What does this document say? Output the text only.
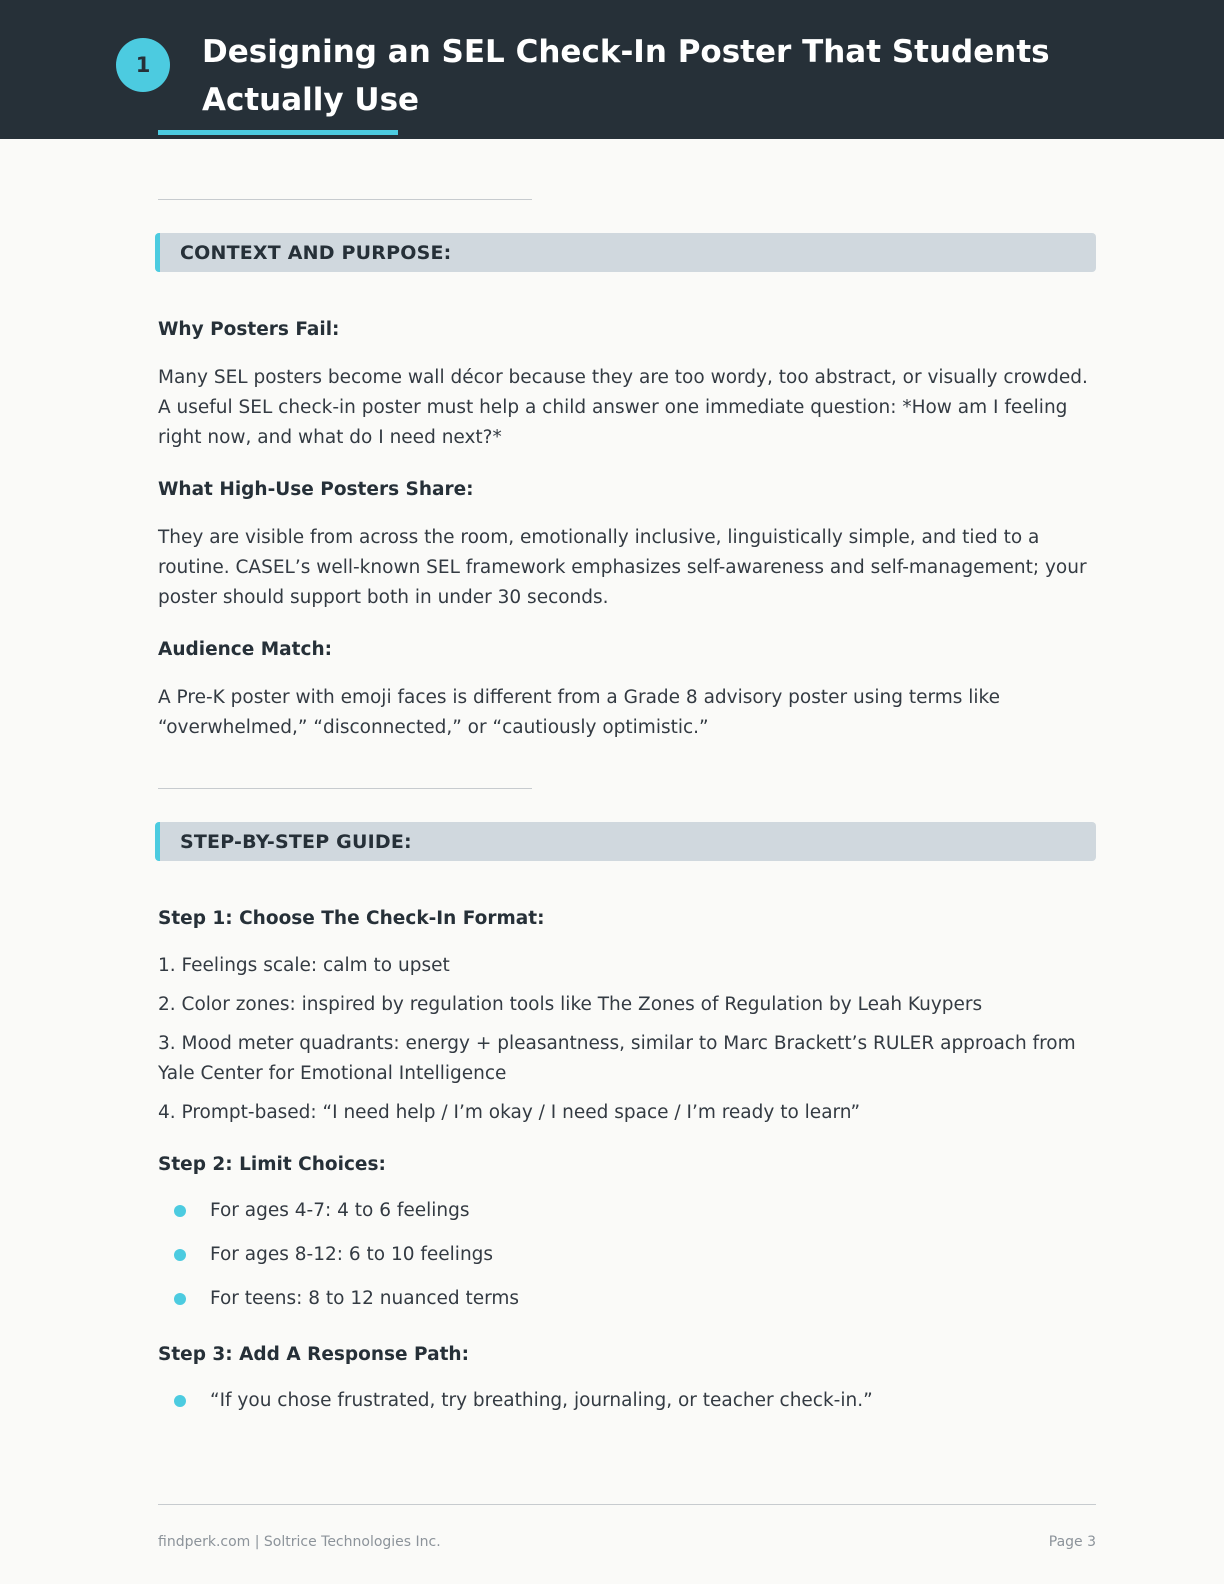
1	Designing an SEL Check-In Poster That Students Actually Use
CONTEXT AND PURPOSE:
Why Posters Fail:

Many SEL posters become wall décor because they are too wordy, too abstract, or visually crowded. A useful SEL check-in poster must help a child answer one immediate question: *How am I feeling right now, and what do I need next?*

What High-Use Posters Share:

They are visible from across the room, emotionally inclusive, linguistically simple, and tied to a routine. CASEL’s well-known SEL framework emphasizes self-awareness and self-management; your poster should support both in under 30 seconds.

Audience Match:

A Pre-K poster with emoji faces is different from a Grade 8 advisory poster using terms like “overwhelmed,” “disconnected,” or “cautiously optimistic.”

STEP-BY-STEP GUIDE:
Step 1: Choose The Check-In Format:
1. Feelings scale: calm to upset
2. Color zones: inspired by regulation tools like The Zones of Regulation by Leah Kuypers
3. Mood meter quadrants: energy + pleasantness, similar to Marc Brackett’s RULER approach from Yale Center for Emotional Intelligence
4. Prompt-based: “I need help / I’m okay / I need space / I’m ready to learn”
Step 2: Limit Choices:
For ages 4-7: 4 to 6 feelings
For ages 8-12: 6 to 10 feelings
For teens: 8 to 12 nuanced terms
Step 3: Add A Response Path:
“If you chose frustrated, try breathing, journaling, or teacher check-in.”
findperk.com | Soltrice Technologies Inc.	Page 3
